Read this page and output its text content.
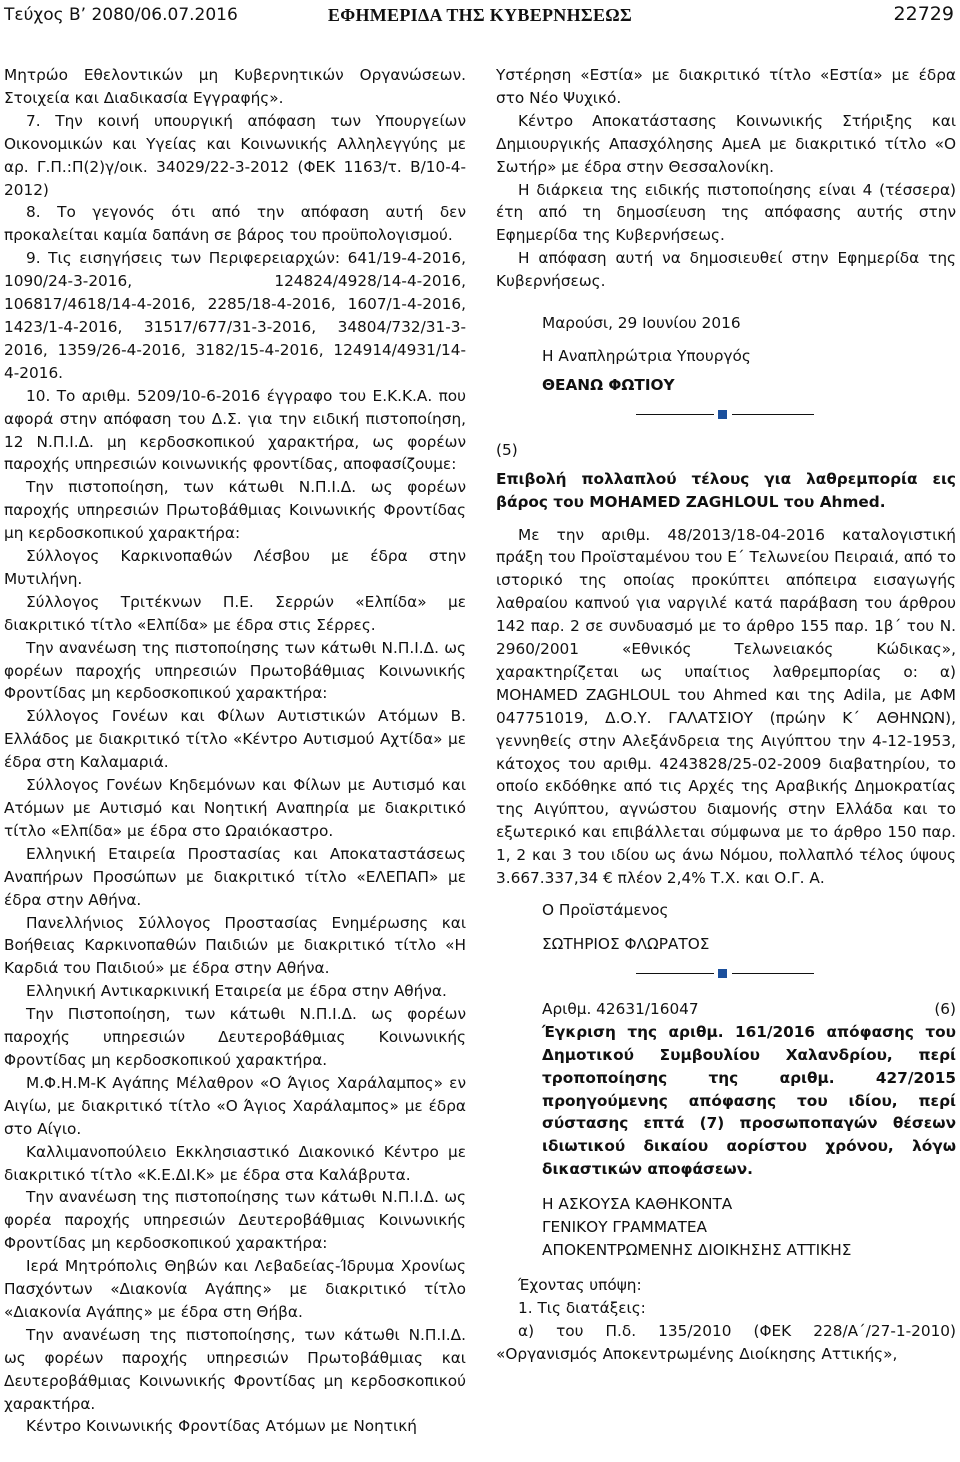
Τεύχος Β’ 2080/06.07.2016	ΕΦΗΜΕΡΙΔΑ ΤΗΣ ΚΥΒΕΡΝΗΣΕΩΣ	22729

Μητρώο Εθελοντικών μη Κυβερνητικών Οργανώσεων. Στοιχεία και Διαδικασία Εγγραφής».

7. Την κοινή υπουργική απόφαση των Υπουργείων Οικονομικών και Υγείας και Κοινωνικής Αλληλεγγύης με αρ. Γ.Π.:Π(2)γ/οικ. 34029/22-3-2012 (ΦΕΚ 1163/τ. Β/10-4-2012)

8. Το γεγονός ότι από την απόφαση αυτή δεν προκαλείται καμία δαπάνη σε βάρος του προϋπολογισμού.

9. Τις εισηγήσεις των Περιφερειαρχών: 641/19-4-2016, 1090/24-3-2016, 124824/4928/14-4-2016, 106817/4618/14-4-2016, 2285/18-4-2016, 1607/1-4-2016, 1423/1-4-2016, 31517/677/31-3-2016, 34804/732/31-3-2016, 1359/26-4-2016, 3182/15-4-2016, 124914/4931/14-4-2016.

10. Το αριθμ. 5209/10-6-2016 έγγραφο του Ε.Κ.Κ.Α. που αφορά στην απόφαση του Δ.Σ. για την ειδική πιστοποίηση, 12 Ν.Π.Ι.Δ. μη κερδοσκοπικού χαρακτήρα, ως φορέων παροχής υπηρεσιών κοινωνικής φροντίδας, αποφασίζουμε:

Την πιστοποίηση, των κάτωθι Ν.Π.Ι.Δ. ως φορέων παροχής υπηρεσιών Πρωτοβάθμιας Κοινωνικής Φροντίδας μη κερδοσκοπικού χαρακτήρα:

Σύλλογος Καρκινοπαθών Λέσβου με έδρα στην Μυτιλήνη.

Σύλλογος Τριτέκνων Π.Ε. Σερρών «Ελπίδα» με διακριτικό τίτλο «Ελπίδα» με έδρα στις Σέρρες.

Την ανανέωση της πιστοποίησης των κάτωθι Ν.Π.Ι.Δ. ως φορέων παροχής υπηρεσιών Πρωτοβάθμιας Κοινωνικής Φροντίδας μη κερδοσκοπικού χαρακτήρα:

Σύλλογος Γονέων και Φίλων Αυτιστικών Ατόμων Β. Ελλάδος με διακριτικό τίτλο «Κέντρο Αυτισμού Αχτίδα» με έδρα στη Καλαμαριά.

Σύλλογος Γονέων Κηδεμόνων και Φίλων με Αυτισμό και Ατόμων με Αυτισμό και Νοητική Αναπηρία με διακριτικό τίτλο «Ελπίδα» με έδρα στο Ωραιόκαστρο.

Ελληνική Εταιρεία Προστασίας και Αποκαταστάσεως Αναπήρων Προσώπων με διακριτικό τίτλο «ΕΛΕΠΑΠ» με έδρα στην Αθήνα.

Πανελλήνιος Σύλλογος Προστασίας Ενημέρωσης και Βοήθειας Καρκινοπαθών Παιδιών με διακριτικό τίτλο «Η Καρδιά του Παιδιού» με έδρα στην Αθήνα.

Ελληνική Αντικαρκινική Εταιρεία με έδρα στην Αθήνα.

Την Πιστοποίηση, των κάτωθι Ν.Π.Ι.Δ. ως φορέων παροχής υπηρεσιών Δευτεροβάθμιας Κοινωνικής Φροντίδας μη κερδοσκοπικού χαρακτήρα.

Μ.Φ.Η.Μ-Κ Αγάπης Μέλαθρον «Ο Άγιος Χαράλαμπος» εν Αιγίω, με διακριτικό τίτλο «Ο Άγιος Χαράλαμπος» με έδρα στο Αίγιο.

Καλλιμανοπούλειο Εκκλησιαστικό Διακονικό Κέντρο με διακριτικό τίτλο «Κ.Ε.ΔΙ.Κ» με έδρα στα Καλάβρυτα.

Την ανανέωση της πιστοποίησης των κάτωθι Ν.Π.Ι.Δ. ως φορέα παροχής υπηρεσιών Δευτεροβάθμιας Κοινωνικής Φροντίδας μη κερδοσκοπικού χαρακτήρα:

Ιερά Μητρόπολις Θηβών και Λεβαδείας-Ίδρυμα Χρονίως Πασχόντων «Διακονία Αγάπης» με διακριτικό τίτλο «Διακονία Αγάπης» με έδρα στη Θήβα.

Την ανανέωση της πιστοποίησης, των κάτωθι Ν.Π.Ι.Δ. ως φορέων παροχής υπηρεσιών Πρωτοβάθμιας και Δευτεροβάθμιας Κοινωνικής Φροντίδας μη κερδοσκοπικού χαρακτήρα.

Κέντρο Κοινωνικής Φροντίδας Ατόμων με Νοητική

Υστέρηση «Εστία» με διακριτικό τίτλο «Εστία» με έδρα στο Νέο Ψυχικό.

Κέντρο Αποκατάστασης Κοινωνικής Στήριξης και Δημιουργικής Απασχόλησης ΑμεΑ με διακριτικό τίτλο «Ο Σωτήρ» με έδρα στην Θεσσαλονίκη.

Η διάρκεια της ειδικής πιστοποίησης είναι 4 (τέσσερα) έτη από τη δημοσίευση της απόφασης αυτής στην Εφημερίδα της Κυβερνήσεως.

Η απόφαση αυτή να δημοσιευθεί στην Εφημερίδα της Κυβερνήσεως.

Μαρούσι, 29 Ιουνίου 2016

Η Αναπληρώτρια Υπουργός

ΘΕΑΝΩ ΦΩΤΙΟΥ

(5)

Επιβολή πολλαπλού τέλους για λαθρεμπορία εις βάρος του MOHAMED ZAGHLOUL του Ahmed.

Με την αριθμ. 48/2013/18-04-2016 καταλογιστική πράξη του Προϊσταμένου του Ε΄ Τελωνείου Πειραιά, από το ιστορικό της οποίας προκύπτει απόπειρα εισαγωγής λαθραίου καπνού για ναργιλέ κατά παράβαση του άρθρου 142 παρ. 2 σε συνδυασμό με το άρθρο 155 παρ. 1β΄ του Ν. 2960/2001 «Εθνικός Τελωνειακός Κώδικας», χαρακτηρίζεται ως υπαίτιος λαθρεμπορίας ο: α) MOHAMED ZAGHLOUL του Ahmed και της Adila, με ΑΦΜ 047751019, Δ.Ο.Υ. ΓΑΛΑΤΣΙΟΥ (πρώην Κ΄ ΑΘΗΝΩΝ), γεννηθείς στην Αλεξάνδρεια της Αιγύπτου την 4-12-1953, κάτοχος του αριθμ. 4243828/25-02-2009 διαβατηρίου, το οποίο εκδόθηκε από τις Αρχές της Αραβικής Δημοκρατίας της Αιγύπτου, αγνώστου διαμονής στην Ελλάδα και το εξωτερικό και επιβάλλεται σύμφωνα με το άρθρο 150 παρ. 1, 2 και 3 του ιδίου ως άνω Νόμου, πολλαπλό τέλος ύψους 3.667.337,34 € πλέον 2,4% Τ.Χ. και Ο.Γ. Α.

Ο Προϊστάμενος

ΣΩΤΗΡΙΟΣ ΦΛΩΡΑΤΟΣ

Αριθμ. 42631/16047	(6)

Έγκριση της αριθμ. 161/2016 απόφασης του Δημοτικού Συμβουλίου Χαλανδρίου, περί τροποποίησης της αριθμ. 427/2015 προηγούμενης απόφασης του ιδίου, περί σύστασης επτά (7) προσωποπαγών θέσεων ιδιωτικού δικαίου αορίστου χρόνου, λόγω δικαστικών αποφάσεων.

Η ΑΣΚΟΥΣΑ ΚΑΘΗΚΟΝΤΑ

ΓΕΝΙΚΟΥ ΓΡΑΜΜΑΤΕΑ

ΑΠΟΚΕΝΤΡΩΜΕΝΗΣ ΔΙΟΙΚΗΣΗΣ ΑΤΤΙΚΗΣ

Έχοντας υπόψη:

1. Τις διατάξεις:

α) του Π.δ. 135/2010 (ΦΕΚ 228/Α΄/27-1-2010) «Οργανισμός Αποκεντρωμένης Διοίκησης Αττικής»,
